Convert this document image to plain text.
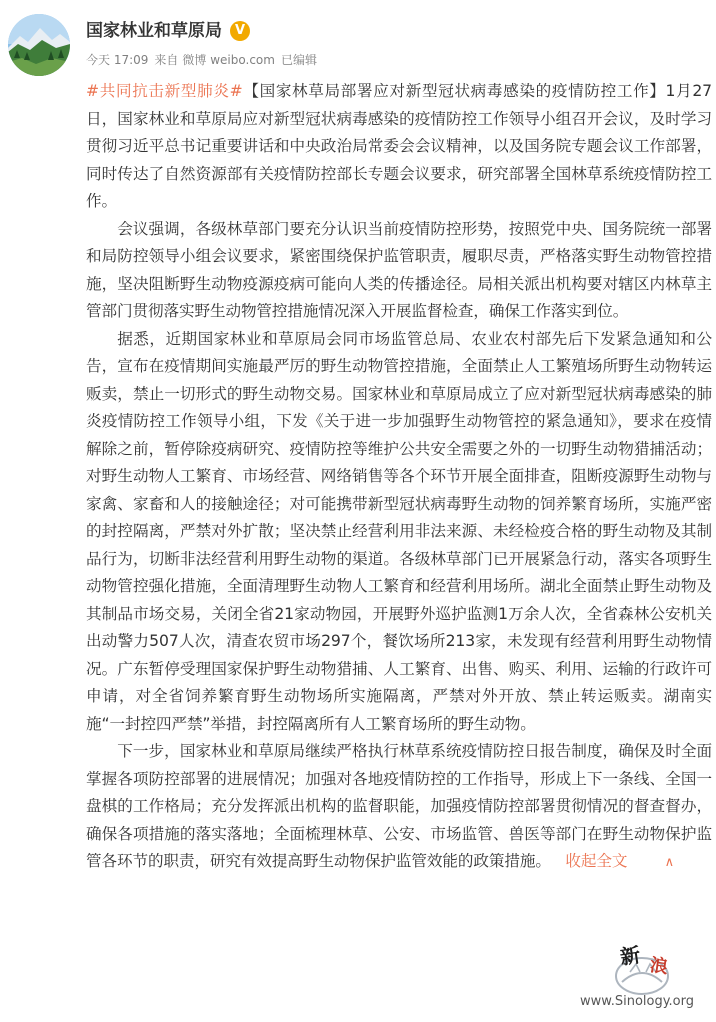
国家林业和草原局 V
今天 17:09 来自 微博 weibo.com 已编辑

#共同抗击新型肺炎#【国家林草局部署应对新型冠状病毒感染的疫情防控工作】1月27日，国家林业和草原局应对新型冠状病毒感染的疫情防控工作领导小组召开会议，及时学习贯彻习近平总书记重要讲话和中央政治局常委会会议精神，以及国务院专题会议工作部署，同时传达了自然资源部有关疫情防控部长专题会议要求，研究部署全国林草系统疫情防控工作。

会议强调，各级林草部门要充分认识当前疫情防控形势，按照党中央、国务院统一部署和局防控领导小组会议要求，紧密围绕保护监管职责，履职尽责，严格落实野生动物管控措施，坚决阻断野生动物疫源疫病可能向人类的传播途径。局相关派出机构要对辖区内林草主管部门贯彻落实野生动物管控措施情况深入开展监督检查，确保工作落实到位。

据悉，近期国家林业和草原局会同市场监管总局、农业农村部先后下发紧急通知和公告，宣布在疫情期间实施最严厉的野生动物管控措施，全面禁止人工繁殖场所野生动物转运贩卖，禁止一切形式的野生动物交易。国家林业和草原局成立了应对新型冠状病毒感染的肺炎疫情防控工作领导小组，下发《关于进一步加强野生动物管控的紧急通知》，要求在疫情解除之前，暂停除疫病研究、疫情防控等维护公共安全需要之外的一切野生动物猎捕活动；对野生动物人工繁育、市场经营、网络销售等各个环节开展全面排查，阻断疫源野生动物与家禽、家畜和人的接触途径；对可能携带新型冠状病毒野生动物的饲养繁育场所，实施严密的封控隔离，严禁对外扩散；坚决禁止经营利用非法来源、未经检疫合格的野生动物及其制品行为，切断非法经营利用野生动物的渠道。各级林草部门已开展紧急行动，落实各项野生动物管控强化措施，全面清理野生动物人工繁育和经营利用场所。湖北全面禁止野生动物及其制品市场交易，关闭全省21家动物园，开展野外巡护监测1万余人次，全省森林公安机关出动警力507人次，清查农贸市场297个，餐饮场所213家，未发现有经营利用野生动物情况。广东暂停受理国家保护野生动物猎捕、人工繁育、出售、购买、利用、运输的行政许可申请，对全省饲养繁育野生动物场所实施隔离，严禁对外开放、禁止转运贩卖。湖南实施“一封控四严禁”举措，封控隔离所有人工繁育场所的野生动物。

下一步，国家林业和草原局继续严格执行林草系统疫情防控日报告制度，确保及时全面掌握各项防控部署的进展情况；加强对各地疫情防控的工作指导，形成上下一条线、全国一盘棋的工作格局；充分发挥派出机构的监督职能，加强疫情防控部署贯彻情况的督查督办，确保各项措施的落实落地；全面梳理林草、公安、市场监管、兽医等部门在野生动物保护监管各环节的职责，研究有效提高野生动物保护监管效能的政策措施。 收起全文	∧

新 浪
www.Sinology.org
